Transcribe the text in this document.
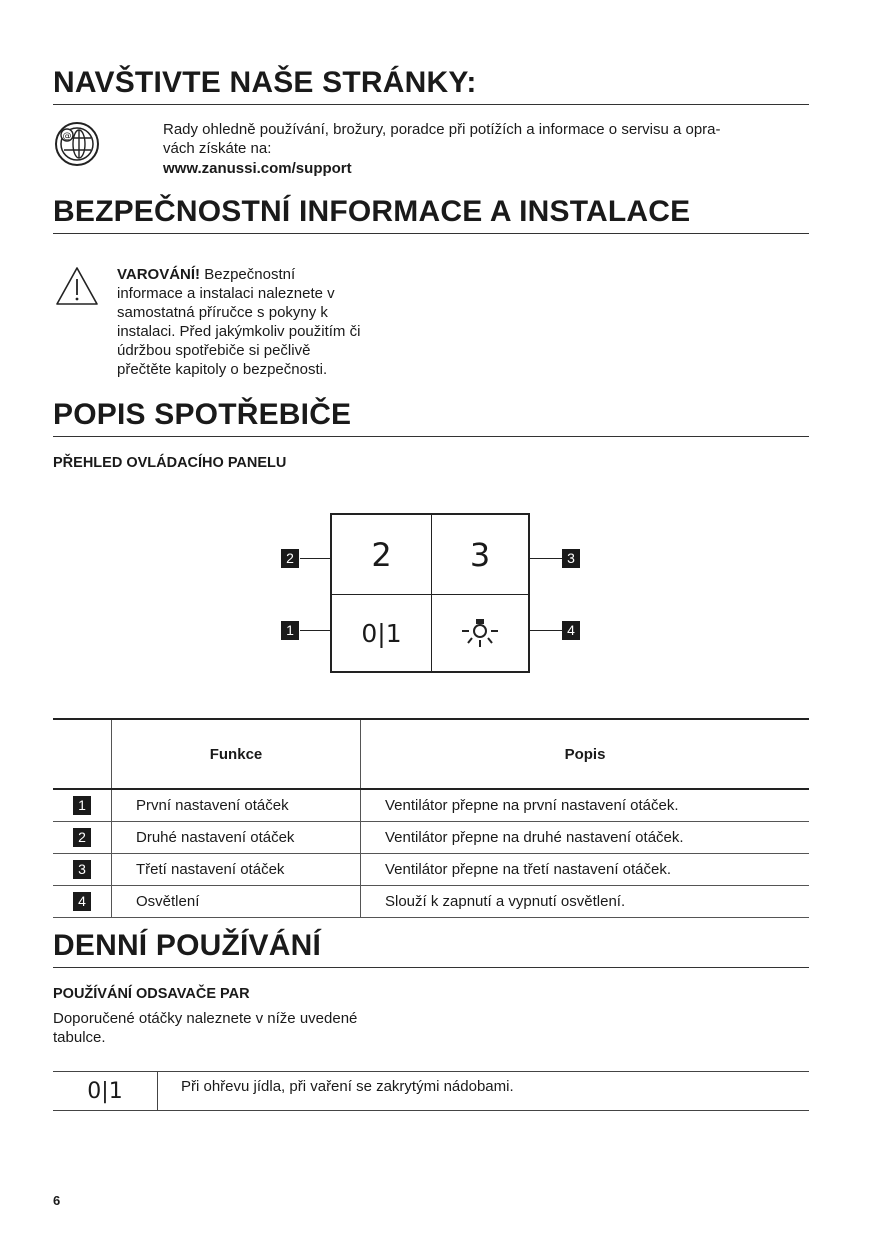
NAVŠTIVTE NAŠE STRÁNKY:
@	Rady ohledně používání, brožury, poradce při potížích a informace o servisu a opra-
vách získáte na:
www.zanussi.com/support
BEZPEČNOSTNÍ INFORMACE A INSTALACE
VAROVÁNÍ! Bezpečnostní
informace a instalaci naleznete v
samostatná příručce s pokyny k
instalaci. Před jakýmkoliv použitím či
údržbou spotřebiče si pečlivě
přečtěte kapitoly o bezpečnosti.
POPIS SPOTŘEBIČE
PŘEHLED OVLÁDACÍHO PANELU
2	3
0|1
2
1
3
4
	Funkce	Popis
1	První nastavení otáček	Ventilátor přepne na první nastavení otáček.
2	Druhé nastavení otáček	Ventilátor přepne na druhé nastavení otáček.
3	Třetí nastavení otáček	Ventilátor přepne na třetí nastavení otáček.
4	Osvětlení	Slouží k zapnutí a vypnutí osvětlení.
DENNÍ POUŽÍVÁNÍ
POUŽÍVÁNÍ ODSAVAČE PAR
Doporučené otáčky naleznete v níže uvedené
tabulce.
0|1	Při ohřevu jídla, při vaření se zakrytými nádobami.
6
